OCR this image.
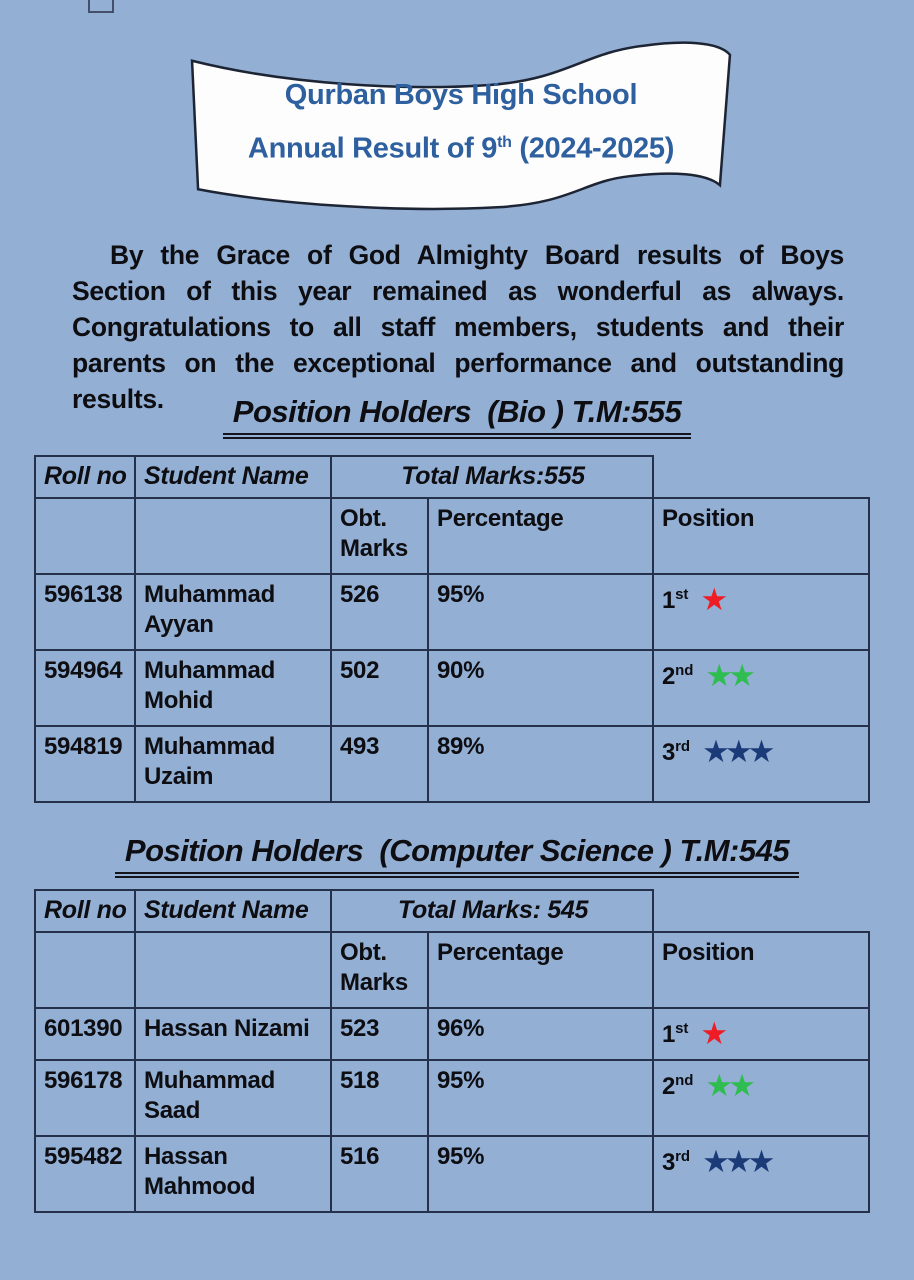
Qurban Boys High School
Annual Result of 9th (2024-2025)

By the Grace of God Almighty Board results of Boys Section of this year remained as wonderful as always. Congratulations to all staff members, students and their parents on the exceptional performance and outstanding results.	Position Holders  (Bio ) T.M:555
Roll no	Student Name	Total Marks:555		
		Obt. Marks	Percentage	Position
596138	Muhammad Ayyan	526	95%	1st ★
594964	Muhammad Mohid	502	90%	2nd ★★
594819	Muhammad Uzaim	493	89%	3rd ★★★
Position Holders  (Computer Science ) T.M:545
Roll no	Student Name	Total Marks: 545		
		Obt. Marks	Percentage	Position
601390	Hassan Nizami	523	96%	1st ★
596178	Muhammad Saad	518	95%	2nd ★★
595482	Hassan Mahmood	516	95%	3rd ★★★
